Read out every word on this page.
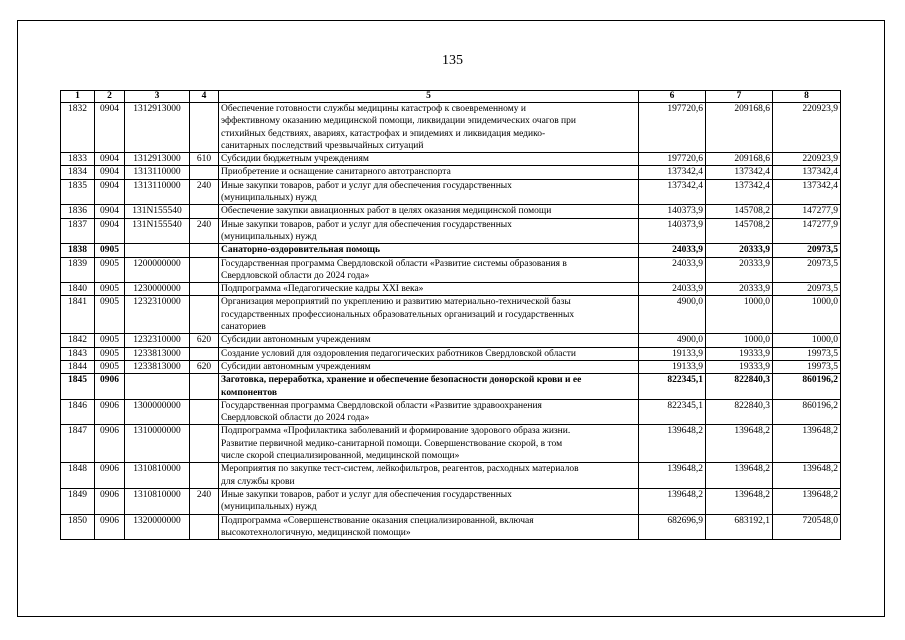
135
1	2	3	4	5	6	7	8
1832	0904	1312913000		Обеспечение готовности службы медицины катастроф к своевременному и
эффективному оказанию медицинской помощи, ликвидации эпидемических очагов при
стихийных бедствиях, авариях, катастрофах и эпидемиях и ликвидация медико-
санитарных последствий чрезвычайных ситуаций	197720,6	209168,6	220923,9
1833	0904	1312913000	610	Субсидии бюджетным учреждениям	197720,6	209168,6	220923,9
1834	0904	1313110000		Приобретение и оснащение санитарного автотранспорта	137342,4	137342,4	137342,4
1835	0904	1313110000	240	Иные закупки товаров, работ и услуг для обеспечения государственных
(муниципальных) нужд	137342,4	137342,4	137342,4
1836	0904	131N155540		Обеспечение закупки авиационных работ в целях оказания медицинской помощи	140373,9	145708,2	147277,9
1837	0904	131N155540	240	Иные закупки товаров, работ и услуг для обеспечения государственных
(муниципальных) нужд	140373,9	145708,2	147277,9
1838	0905			Санаторно-оздоровительная помощь	24033,9	20333,9	20973,5
1839	0905	1200000000		Государственная программа Свердловской области «Развитие системы образования в
Свердловской области до 2024 года»	24033,9	20333,9	20973,5
1840	0905	1230000000		Подпрограмма «Педагогические кадры XXI века»	24033,9	20333,9	20973,5
1841	0905	1232310000		Организация мероприятий по укреплению и развитию материально-технической базы
государственных профессиональных образовательных организаций и государственных
санаториев	4900,0	1000,0	1000,0
1842	0905	1232310000	620	Субсидии автономным учреждениям	4900,0	1000,0	1000,0
1843	0905	1233813000		Создание условий для оздоровления педагогических работников Свердловской области	19133,9	19333,9	19973,5
1844	0905	1233813000	620	Субсидии автономным учреждениям	19133,9	19333,9	19973,5
1845	0906			Заготовка, переработка, хранение и обеспечение безопасности донорской крови и ее
компонентов	822345,1	822840,3	860196,2
1846	0906	1300000000		Государственная программа Свердловской области «Развитие здравоохранения
Свердловской области до 2024 года»	822345,1	822840,3	860196,2
1847	0906	1310000000		Подпрограмма «Профилактика заболеваний и формирование здорового образа жизни.
Развитие первичной медико-санитарной помощи. Совершенствование скорой, в том
числе скорой специализированной, медицинской помощи»	139648,2	139648,2	139648,2
1848	0906	1310810000		Мероприятия по закупке тест-систем, лейкофильтров, реагентов, расходных материалов
для службы крови	139648,2	139648,2	139648,2
1849	0906	1310810000	240	Иные закупки товаров, работ и услуг для обеспечения государственных
(муниципальных) нужд	139648,2	139648,2	139648,2
1850	0906	1320000000		Подпрограмма «Совершенствование оказания специализированной, включая
высокотехнологичную, медицинской помощи»	682696,9	683192,1	720548,0
